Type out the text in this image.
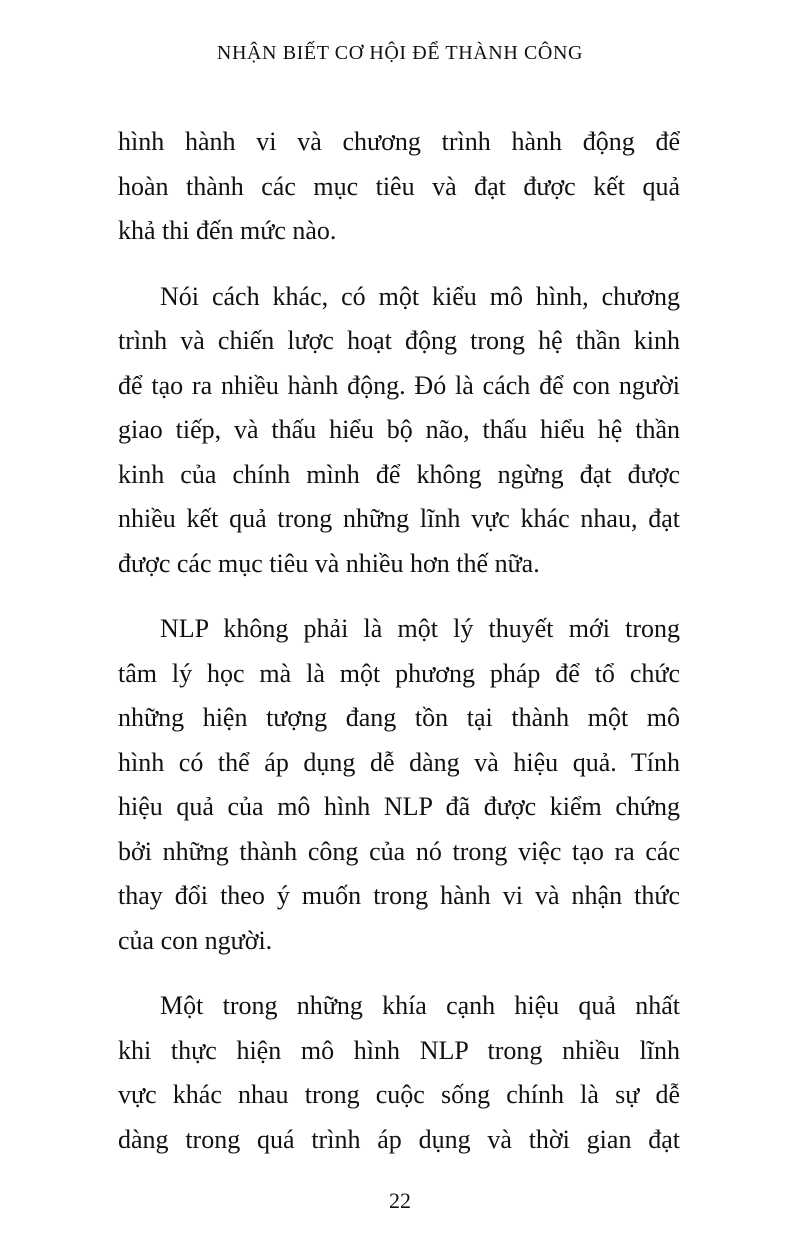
NHẬN BIẾT CƠ HỘI ĐỂ THÀNH CÔNG
hình hành vi và chương trình hành động để
hoàn thành các mục tiêu và đạt được kết quả
khả thi đến mức nào.
Nói cách khác, có một kiểu mô hình, chương
trình và chiến lược hoạt động trong hệ thần kinh
để tạo ra nhiều hành động. Đó là cách để con người
giao tiếp, và thấu hiểu bộ não, thấu hiểu hệ thần
kinh của chính mình để không ngừng đạt được
nhiều kết quả trong những lĩnh vực khác nhau, đạt
được các mục tiêu và nhiều hơn thế nữa.
NLP không phải là một lý thuyết mới trong
tâm lý học mà là một phương pháp để tổ chức
những hiện tượng đang tồn tại thành một mô
hình có thể áp dụng dễ dàng và hiệu quả. Tính
hiệu quả của mô hình NLP đã được kiểm chứng
bởi những thành công của nó trong việc tạo ra các
thay đổi theo ý muốn trong hành vi và nhận thức
của con người.
Một trong những khía cạnh hiệu quả nhất
khi thực hiện mô hình NLP trong nhiều lĩnh
vực khác nhau trong cuộc sống chính là sự dễ
dàng trong quá trình áp dụng và thời gian đạt
22
